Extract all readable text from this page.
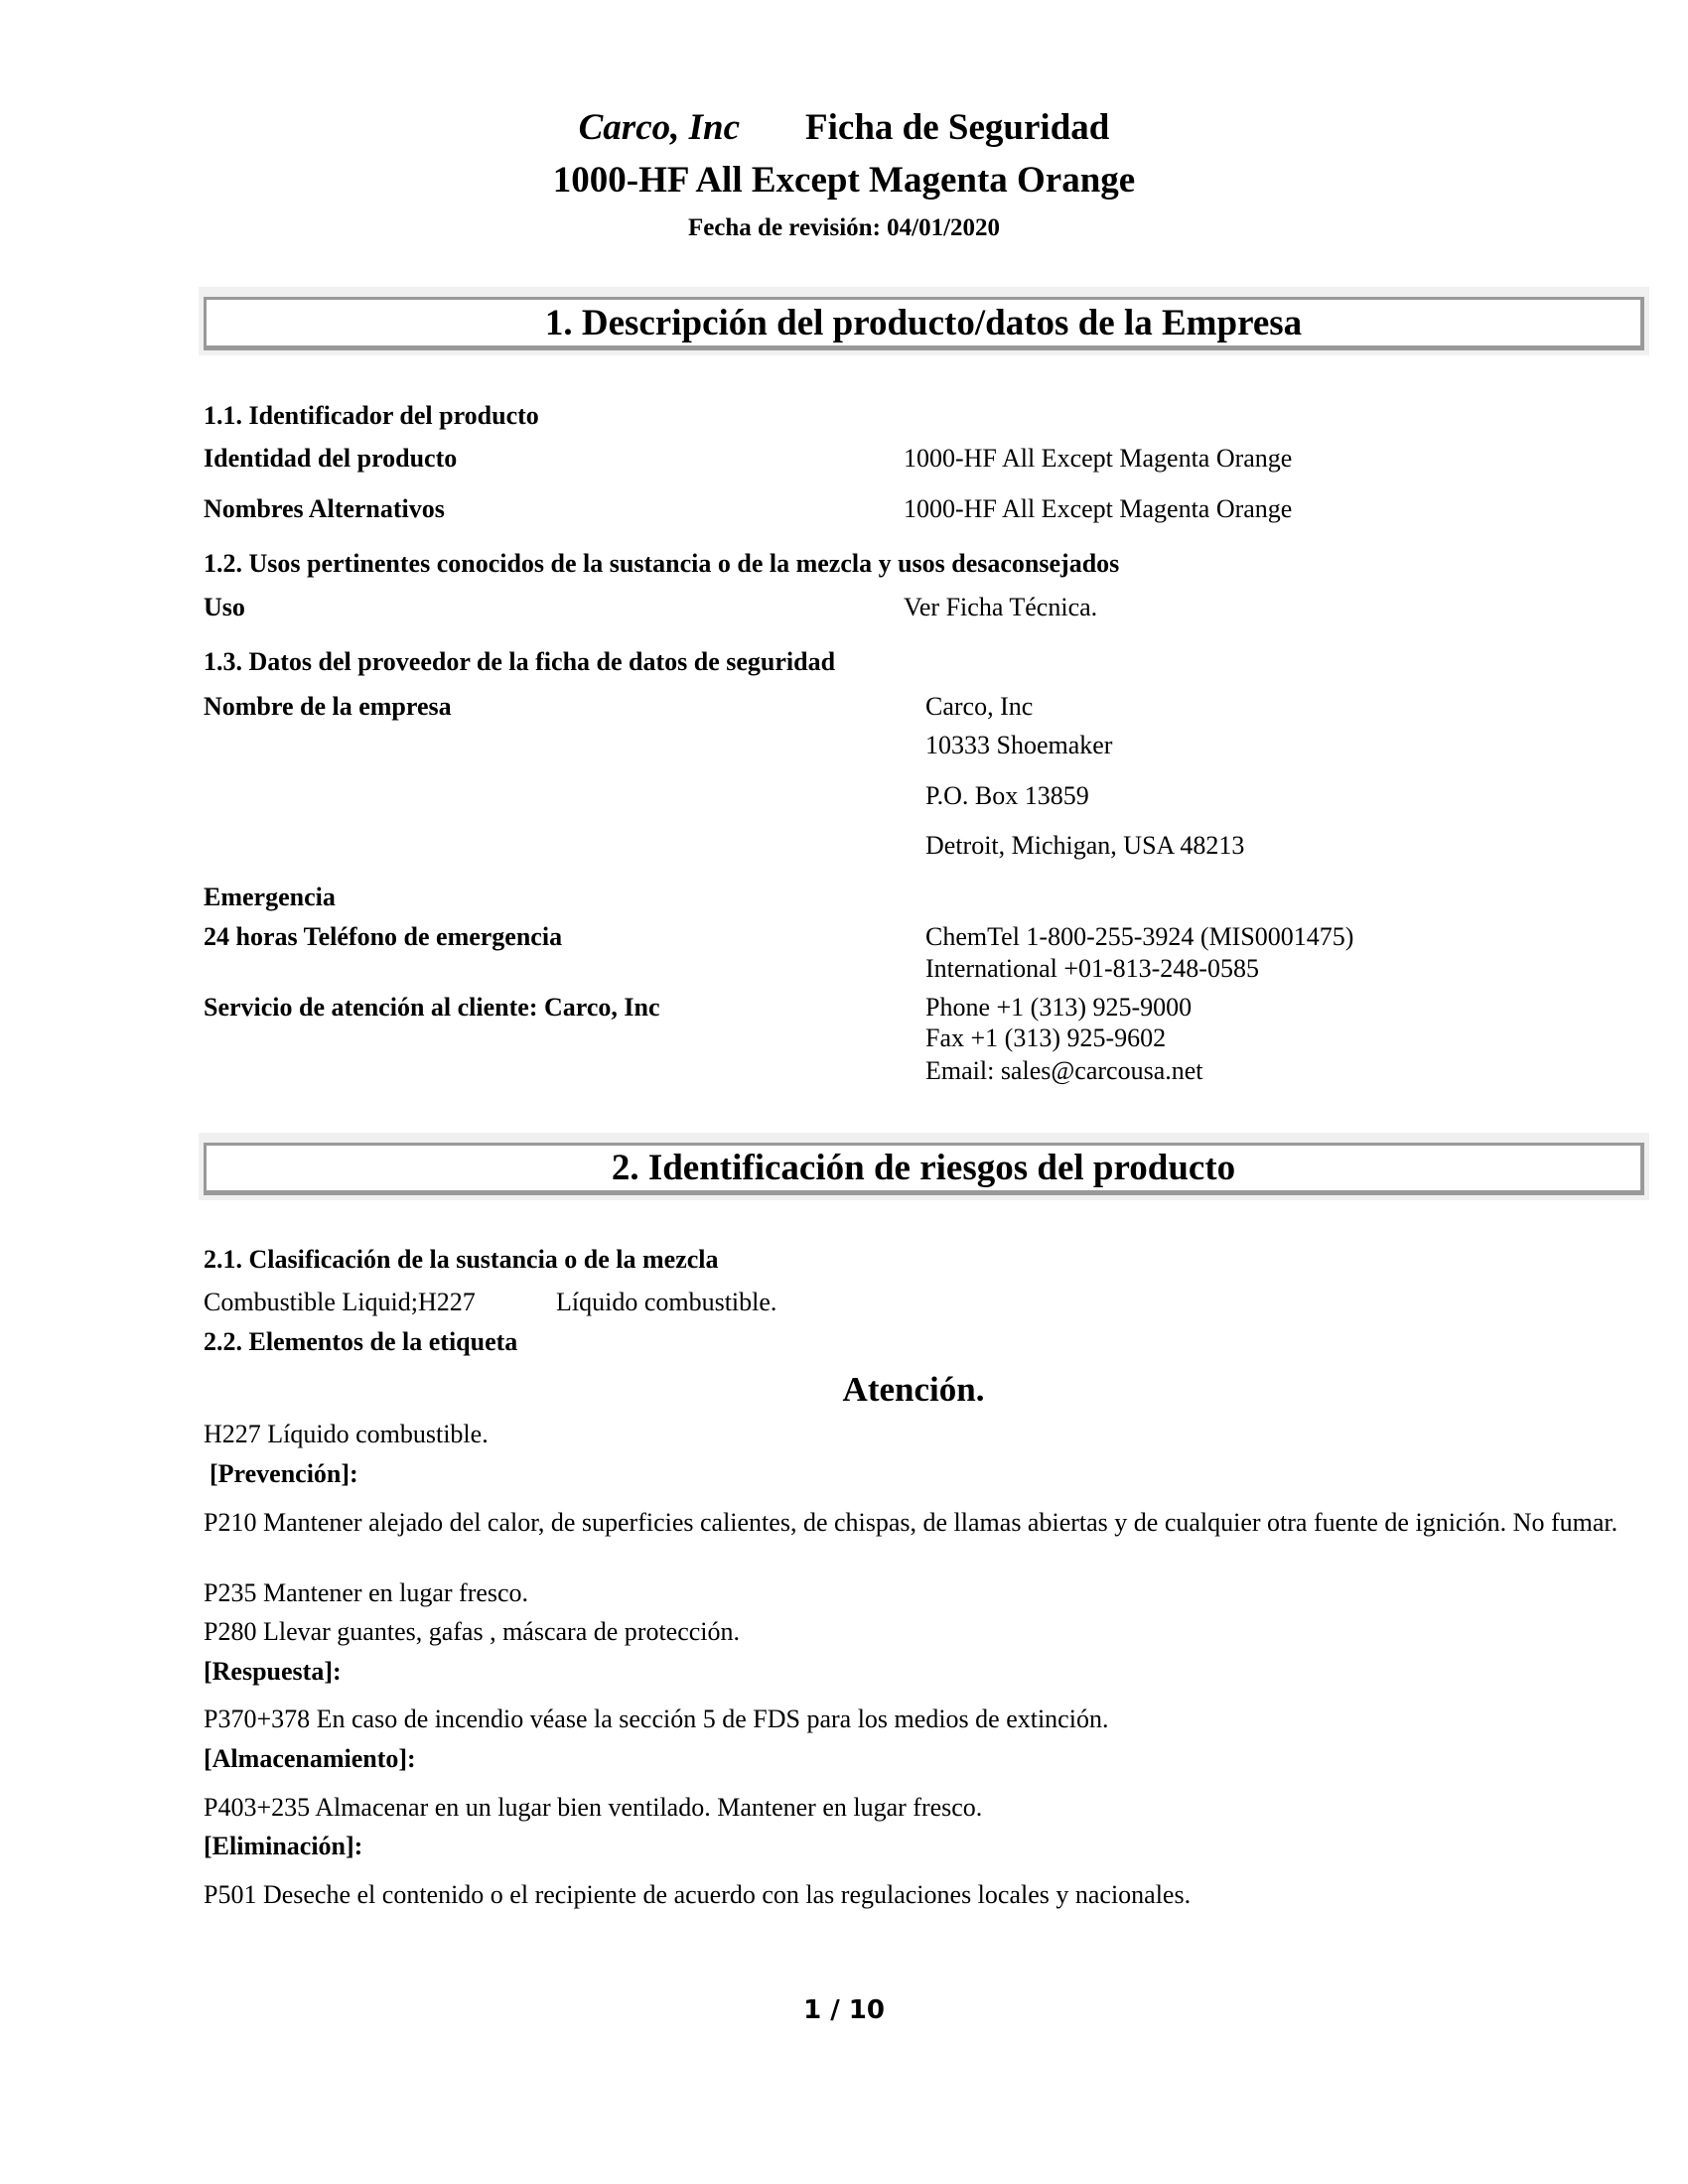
Carco, Inc Ficha de Seguridad
1000-HF All Except Magenta Orange
Fecha de revisión: 04/01/2020
1. Descripción del producto/datos de la Empresa
1.1. Identificador del producto
Identidad del producto	1000-HF All Except Magenta Orange
Nombres Alternativos	1000-HF All Except Magenta Orange
1.2. Usos pertinentes conocidos de la sustancia o de la mezcla y usos desaconsejados
Uso	Ver Ficha Técnica.
1.3. Datos del proveedor de la ficha de datos de seguridad
Nombre de la empresa	Carco, Inc
10333 Shoemaker
P.O. Box 13859
Detroit, Michigan, USA 48213
Emergencia
24 horas Teléfono de emergencia	ChemTel 1-800-255-3924 (MIS0001475)
International +01-813-248-0585
Servicio de atención al cliente: Carco, Inc	Phone +1 (313) 925-9000
Fax +1 (313) 925-9602
Email: sales@carcousa.net
2. Identificación de riesgos del producto
2.1. Clasificación de la sustancia o de la mezcla
Combustible Liquid;H227	Líquido combustible.
2.2. Elementos de la etiqueta
Atención.
H227 Líquido combustible.
[Prevención]:
P210 Mantener alejado del calor, de superficies calientes, de chispas, de llamas abiertas y de cualquier otra fuente de ignición. No fumar.
P235 Mantener en lugar fresco.
P280 Llevar guantes, gafas , máscara de protección.
[Respuesta]:
P370+378 En caso de incendio véase la sección 5 de FDS para los medios de extinción.
[Almacenamiento]:
P403+235 Almacenar en un lugar bien ventilado. Mantener en lugar fresco.
[Eliminación]:
P501 Deseche el contenido o el recipiente de acuerdo con las regulaciones locales y nacionales.
1 / 10
